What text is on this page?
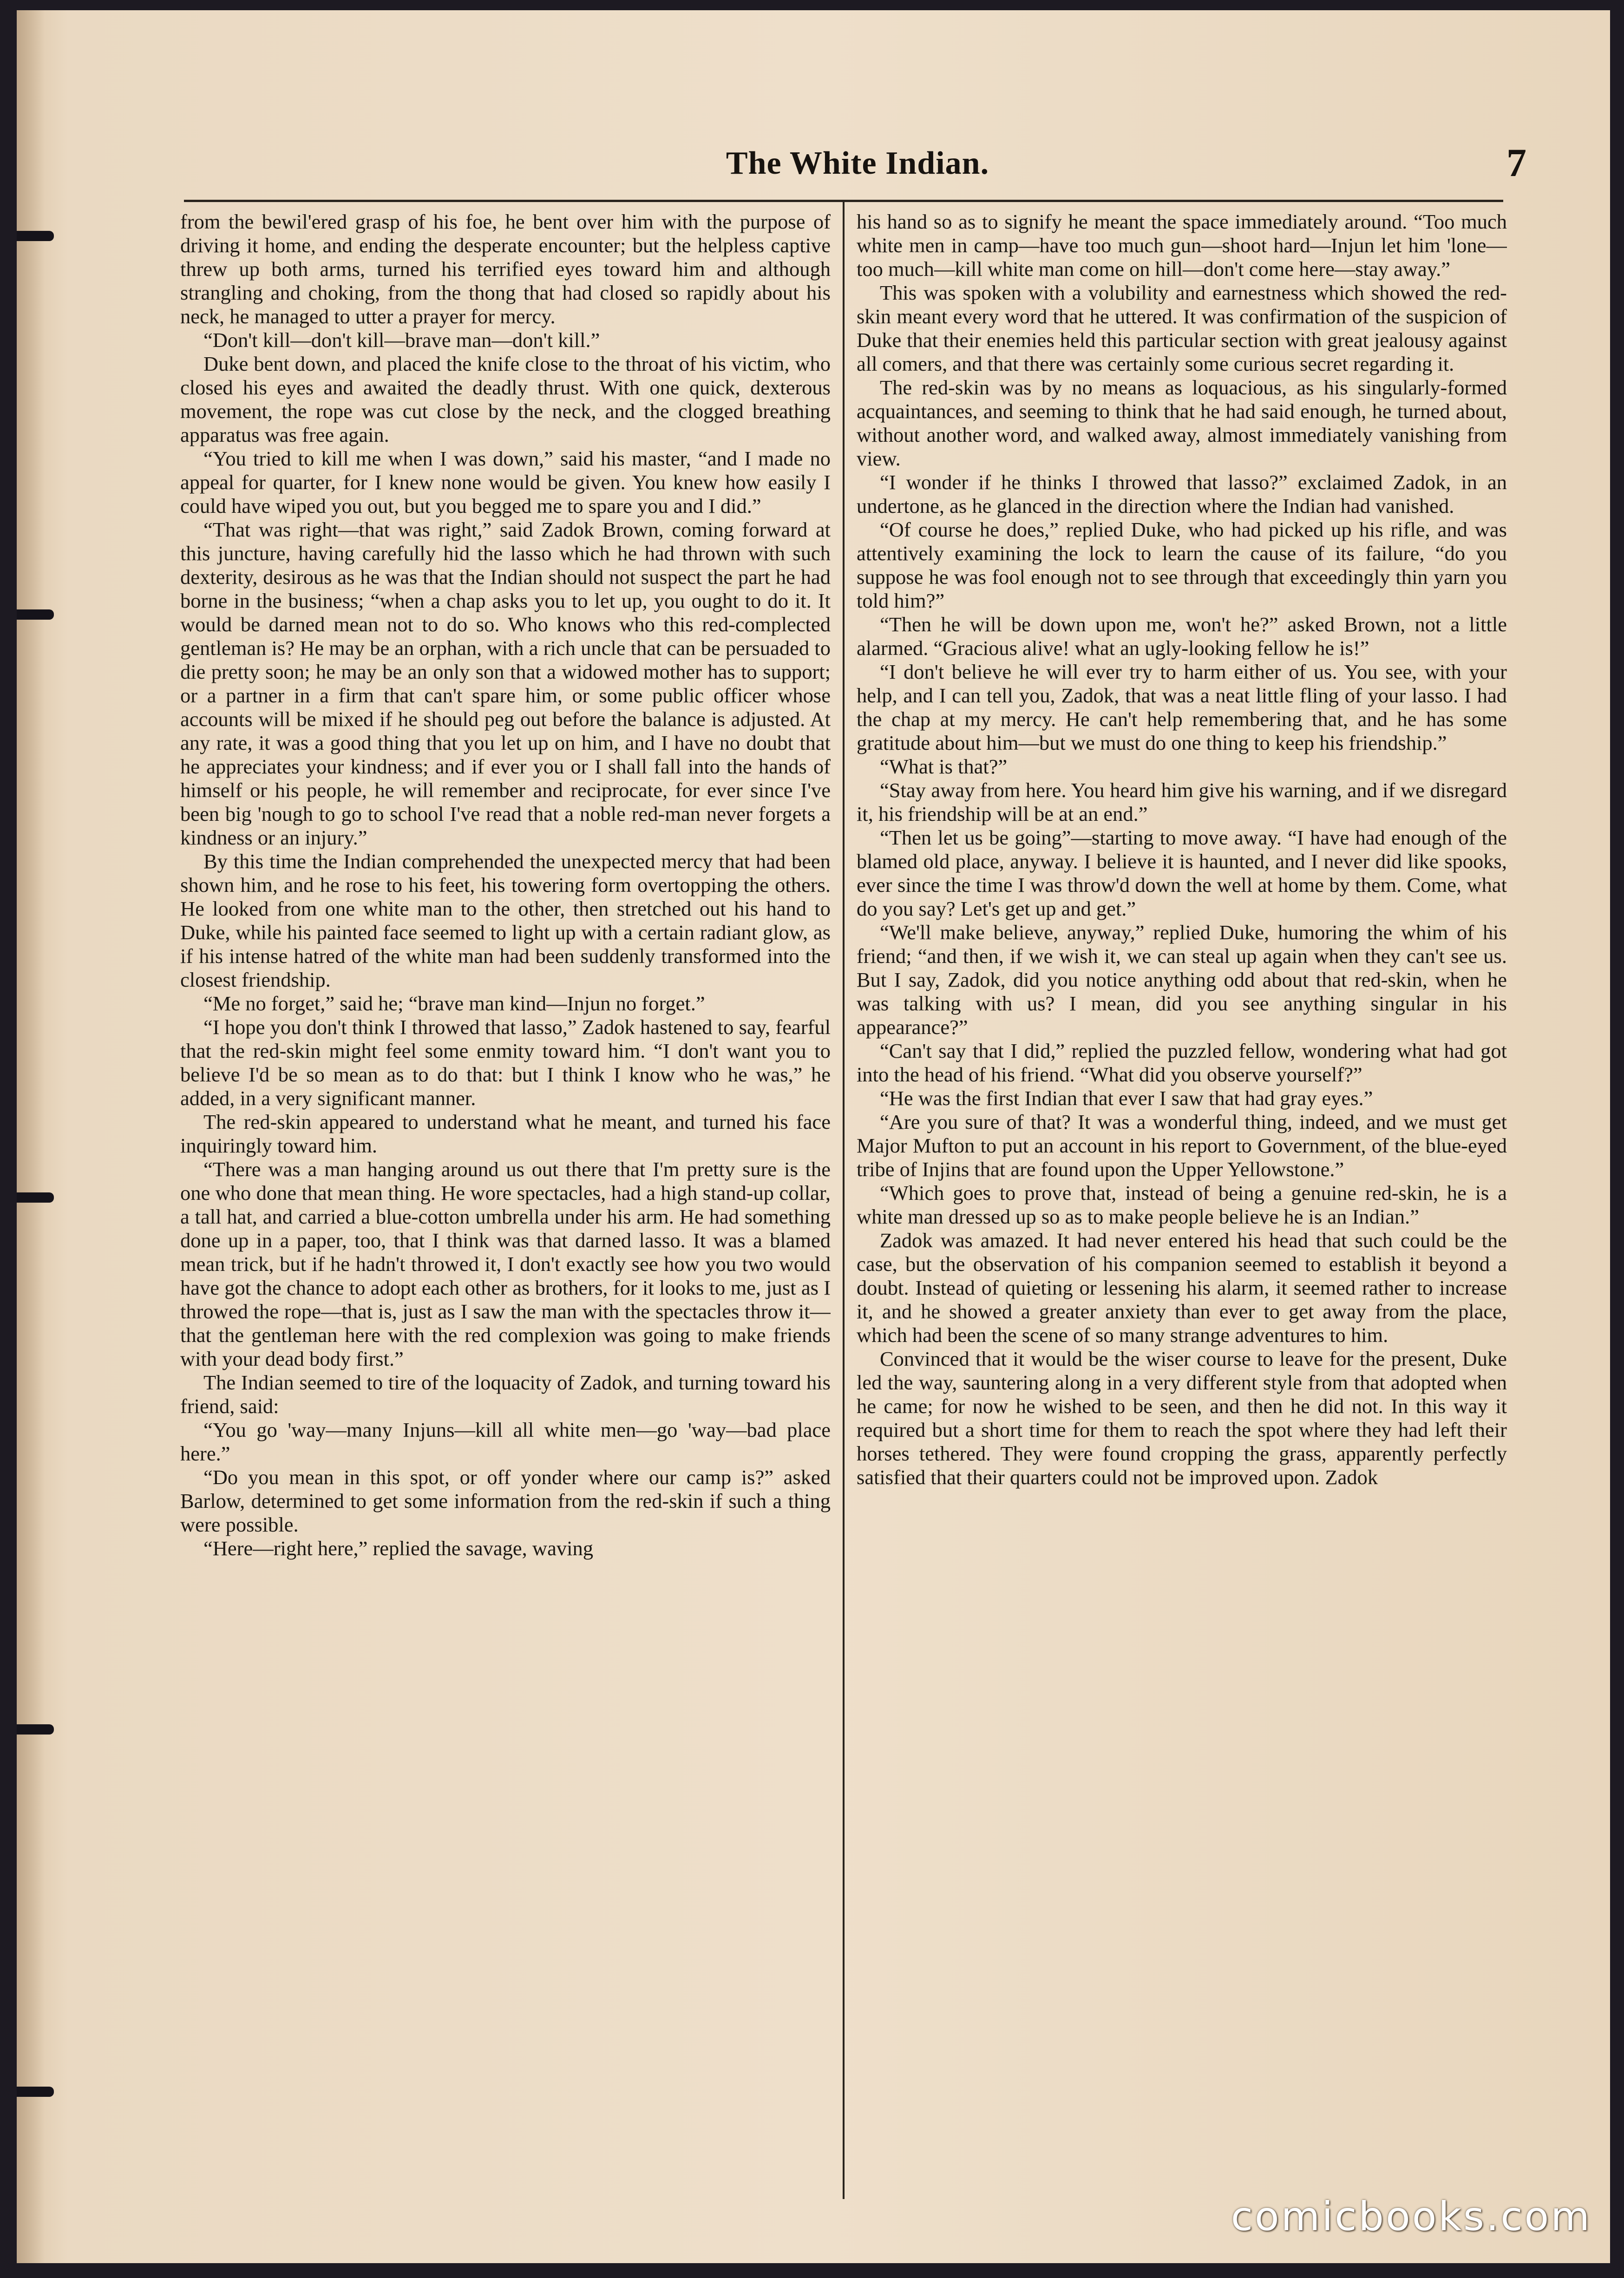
The White Indian.	7

from the bewil'ered grasp of his foe, he bent over him with the purpose of driving it home, and ending the desperate encounter; but the helpless captive threw up both arms, turned his terrified eyes toward him and although strangling and choking, from the thong that had closed so rapidly about his neck, he managed to utter a prayer for mercy.

“Don't kill—don't kill—brave man—don't kill.”

Duke bent down, and placed the knife close to the throat of his victim, who closed his eyes and awaited the deadly thrust. With one quick, dexterous movement, the rope was cut close by the neck, and the clogged breathing apparatus was free again.

“You tried to kill me when I was down,” said his master, “and I made no appeal for quarter, for I knew none would be given. You knew how easily I could have wiped you out, but you begged me to spare you and I did.”

“That was right—that was right,” said Zadok Brown, coming forward at this juncture, having carefully hid the lasso which he had thrown with such dexterity, desirous as he was that the Indian should not suspect the part he had borne in the business; “when a chap asks you to let up, you ought to do it. It would be darned mean not to do so. Who knows who this red-complected gentleman is? He may be an orphan, with a rich uncle that can be persuaded to die pretty soon; he may be an only son that a widowed mother has to support; or a partner in a firm that can't spare him, or some public officer whose accounts will be mixed if he should peg out before the balance is adjusted. At any rate, it was a good thing that you let up on him, and I have no doubt that he appreciates your kindness; and if ever you or I shall fall into the hands of himself or his people, he will remember and reciprocate, for ever since I've been big 'nough to go to school I've read that a noble red-man never forgets a kindness or an injury.”

By this time the Indian comprehended the unexpected mercy that had been shown him, and he rose to his feet, his towering form overtopping the others. He looked from one white man to the other, then stretched out his hand to Duke, while his painted face seemed to light up with a certain radiant glow, as if his intense hatred of the white man had been suddenly transformed into the closest friendship.

“Me no forget,” said he; “brave man kind—Injun no forget.”

“I hope you don't think I throwed that lasso,” Zadok hastened to say, fearful that the red-skin might feel some enmity toward him. “I don't want you to believe I'd be so mean as to do that: but I think I know who he was,” he added, in a very significant manner.

The red-skin appeared to understand what he meant, and turned his face inquiringly toward him.

“There was a man hanging around us out there that I'm pretty sure is the one who done that mean thing. He wore spectacles, had a high stand-up collar, a tall hat, and carried a blue-cotton umbrella under his arm. He had something done up in a paper, too, that I think was that darned lasso. It was a blamed mean trick, but if he hadn't throwed it, I don't exactly see how you two would have got the chance to adopt each other as brothers, for it looks to me, just as I throwed the rope—that is, just as I saw the man with the spectacles throw it—that the gentleman here with the red complexion was going to make friends with your dead body first.”

The Indian seemed to tire of the loquacity of Zadok, and turning toward his friend, said:

“You go 'way—many Injuns—kill all white men—go 'way—bad place here.”

“Do you mean in this spot, or off yonder where our camp is?” asked Barlow, determined to get some information from the red-skin if such a thing were possible.

“Here—right here,” replied the savage, waving

his hand so as to signify he meant the space immediately around. “Too much white men in camp—have too much gun—shoot hard—Injun let him 'lone—too much—kill white man come on hill—don't come here—stay away.”

This was spoken with a volubility and earnestness which showed the red-skin meant every word that he uttered. It was confirmation of the suspicion of Duke that their enemies held this particular section with great jealousy against all comers, and that there was certainly some curious secret regarding it.

The red-skin was by no means as loquacious, as his singularly-formed acquaintances, and seeming to think that he had said enough, he turned about, without another word, and walked away, almost immediately vanishing from view.

“I wonder if he thinks I throwed that lasso?” exclaimed Zadok, in an undertone, as he glanced in the direction where the Indian had vanished.

“Of course he does,” replied Duke, who had picked up his rifle, and was attentively examining the lock to learn the cause of its failure, “do you suppose he was fool enough not to see through that exceedingly thin yarn you told him?”

“Then he will be down upon me, won't he?” asked Brown, not a little alarmed. “Gracious alive! what an ugly-looking fellow he is!”

“I don't believe he will ever try to harm either of us. You see, with your help, and I can tell you, Zadok, that was a neat little fling of your lasso. I had the chap at my mercy. He can't help remembering that, and he has some gratitude about him—but we must do one thing to keep his friendship.”

“What is that?”

“Stay away from here. You heard him give his warning, and if we disregard it, his friendship will be at an end.”

“Then let us be going”—starting to move away. “I have had enough of the blamed old place, anyway. I believe it is haunted, and I never did like spooks, ever since the time I was throw'd down the well at home by them. Come, what do you say? Let's get up and get.”

“We'll make believe, anyway,” replied Duke, humoring the whim of his friend; “and then, if we wish it, we can steal up again when they can't see us. But I say, Zadok, did you notice anything odd about that red-skin, when he was talking with us? I mean, did you see anything singular in his appearance?”

“Can't say that I did,” replied the puzzled fellow, wondering what had got into the head of his friend. “What did you observe yourself?”

“He was the first Indian that ever I saw that had gray eyes.”

“Are you sure of that? It was a wonderful thing, indeed, and we must get Major Mufton to put an account in his report to Government, of the blue-eyed tribe of Injins that are found upon the Upper Yellowstone.”

“Which goes to prove that, instead of being a genuine red-skin, he is a white man dressed up so as to make people believe he is an Indian.”

Zadok was amazed. It had never entered his head that such could be the case, but the observation of his companion seemed to establish it beyond a doubt. Instead of quieting or lessening his alarm, it seemed rather to increase it, and he showed a greater anxiety than ever to get away from the place, which had been the scene of so many strange adventures to him.

Convinced that it would be the wiser course to leave for the present, Duke led the way, sauntering along in a very different style from that adopted when he came; for now he wished to be seen, and then he did not. In this way it required but a short time for them to reach the spot where they had left their horses tethered. They were found cropping the grass, apparently perfectly satisfied that their quarters could not be improved upon. Zadok

comicbooks.com
